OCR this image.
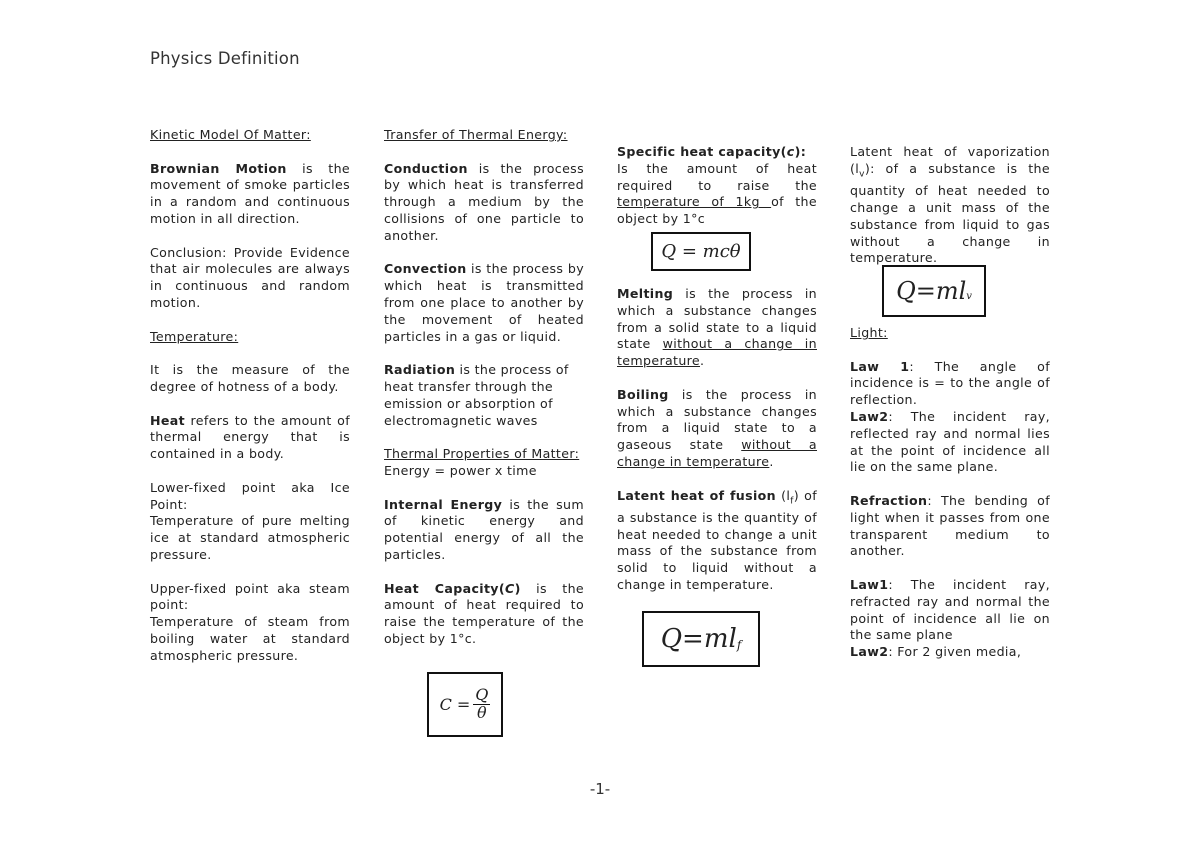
Physics Definition

Kinetic Model Of Matter:

Brownian Motion is the movement of smoke particles in a random and continuous motion in all direction.

Conclusion: Provide Evidence that air molecules are always in continuous and random motion.

Temperature:

It is the measure of the degree of hotness of a body.

Heat refers to the amount of thermal energy that is contained in a body.

Lower-fixed point aka Ice Point:

Temperature of pure melting ice at standard atmospheric pressure.

Upper-fixed point aka steam point:

Temperature of steam from boiling water at standard atmospheric pressure.

Transfer of Thermal Energy:

Conduction is the process by which heat is transferred through a medium by the collisions of one particle to another.

Convection is the process by which heat is transmitted from one place to another by the movement of heated particles in a gas or liquid.

Radiation is the process of heat transfer through the emission or absorption of electromagnetic waves

Thermal Properties of Matter:

Energy = power x time

Internal Energy is the sum of kinetic energy and potential energy of all the particles.

Heat Capacity(C) is the amount of heat required to raise the temperature of the object by 1°c.

$C = \frac{Q}{\theta}$

Specific heat capacity(c):

Is the amount of heat required to raise the temperature of 1kg of the object by 1°c

Melting is the process in which a substance changes from a solid state to a liquid state without a change in temperature.

Boiling is the process in which a substance changes from a liquid state to a gaseous state without a change in temperature.

Latent heat of fusion $(l_f)$ of a substance is the quantity of heat needed to change a unit mass of the substance from solid to liquid without a change in temperature.

Q = mcθ
$Q=ml_f$

Latent heat of vaporization $(l_v)$: of a substance is the quantity of heat needed to change a unit mass of the substance from liquid to gas without a change in temperature.

Light:

Law 1: The angle of incidence is = to the angle of reflection.

Law2: The incident ray, reflected ray and normal lies at the point of incidence all lie on the same plane.

Refraction: The bending of light when it passes from one transparent medium to another.

Law1: The incident ray, refracted ray and normal the point of incidence all lie on the same plane

Law2: For 2 given media,

$Q=ml_v$
-1-
